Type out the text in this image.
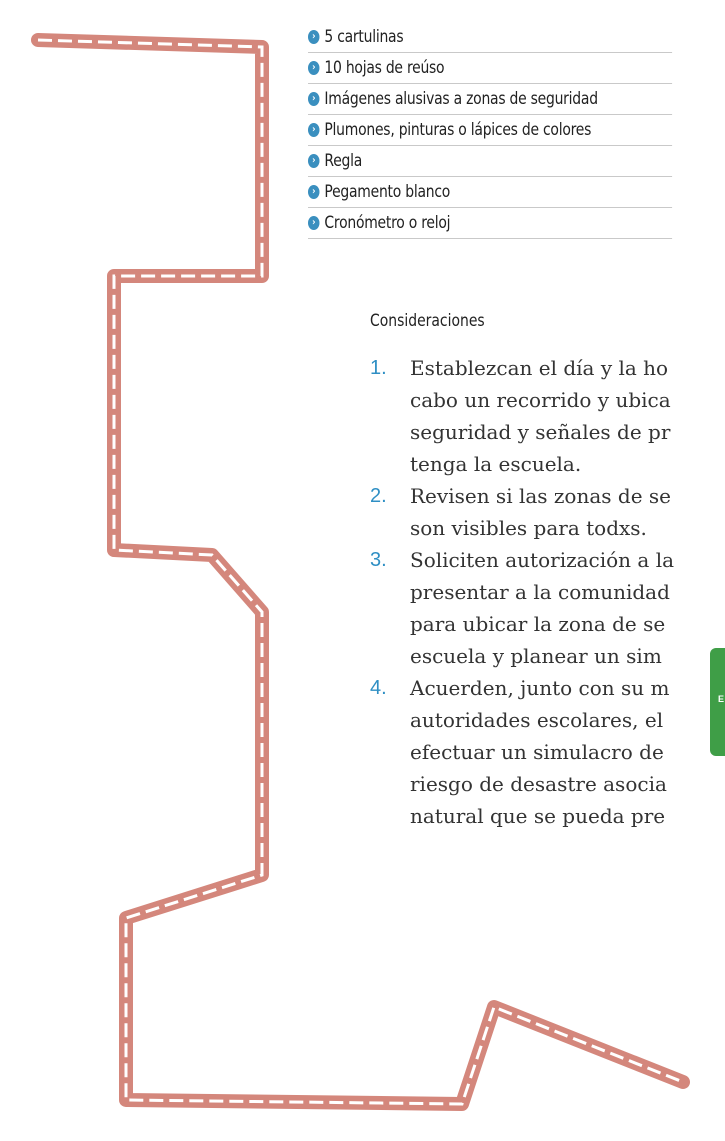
› 5 cartulinas
› 10 hojas de reúso
› Imágenes alusivas a zonas de seguridad
› Plumones, pinturas o lápices de colores
› Regla
› Pegamento blanco
› Cronómetro o reloj
Consideraciones
1. Establezcan el día y la ho
cabo un recorrido y ubica
seguridad y señales de pr
tenga la escuela.
2. Revisen si las zonas de se
son visibles para todxs.
3. Soliciten autorización a la
presentar a la comunidad
para ubicar la zona de se
escuela y planear un sim
4. Acuerden, junto con su m
autoridades escolares, el
efectuar un simulacro de
riesgo de desastre asocia
natural que se pueda pre
E
